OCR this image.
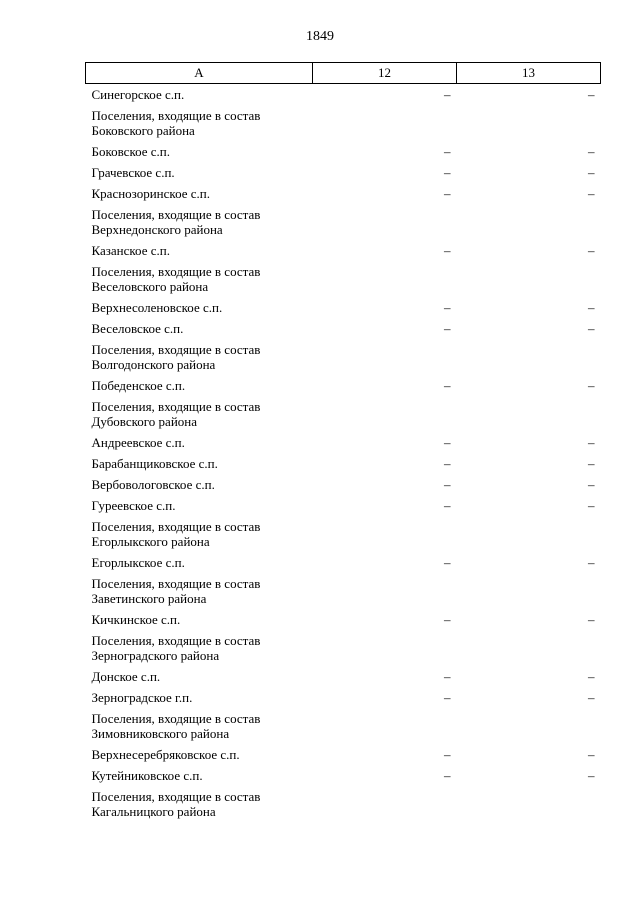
1849
А	12	13
Синегорское с.п.	–	–
Поселения, входящие в состав Боковского района		
Боковское с.п.	–	–
Грачевское с.п.	–	–
Краснозоринское с.п.	–	–
Поселения, входящие в состав Верхнедонского района		
Казанское с.п.	–	–
Поселения, входящие в состав Веселовского района		
Верхнесоленовское с.п.	–	–
Веселовское с.п.	–	–
Поселения, входящие в состав Волгодонского района		
Победенское с.п.	–	–
Поселения, входящие в состав Дубовского района		
Андреевское с.п.	–	–
Барабанщиковское с.п.	–	–
Вербовологовское с.п.	–	–
Гуреевское с.п.	–	–
Поселения, входящие в состав Егорлыкского района		
Егорлыкское с.п.	–	–
Поселения, входящие в состав Заветинского района		
Кичкинское с.п.	–	–
Поселения, входящие в состав Зерноградского района		
Донское с.п.	–	–
Зерноградское г.п.	–	–
Поселения, входящие в состав Зимовниковского района		
Верхнесеребряковское с.п.	–	–
Кутейниковское с.п.	–	–
Поселения, входящие в состав Кагальницкого района		
